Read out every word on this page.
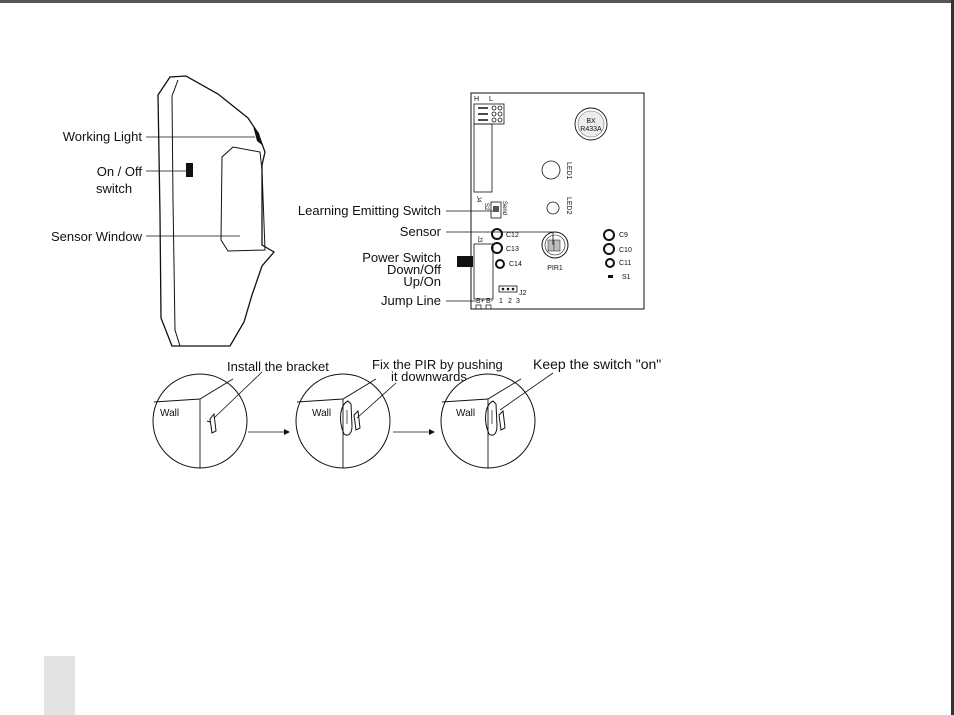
Working Light
On / Off
switch
Sensor Window
H L
BX
R433A
LED1
LED2
J4
S2 Send
J3
C12
C13
C14
PIR1
C9
C10
C11
S1
J2
B+ B- 1 2 3
Learning Emitting Switch
Sensor
Power Switch
Down/Off
Up/On
Jump Line
Wall
Install the bracket
Wall
Fix the PIR by pushing
it downwards
Wall
Keep the switch "on"
